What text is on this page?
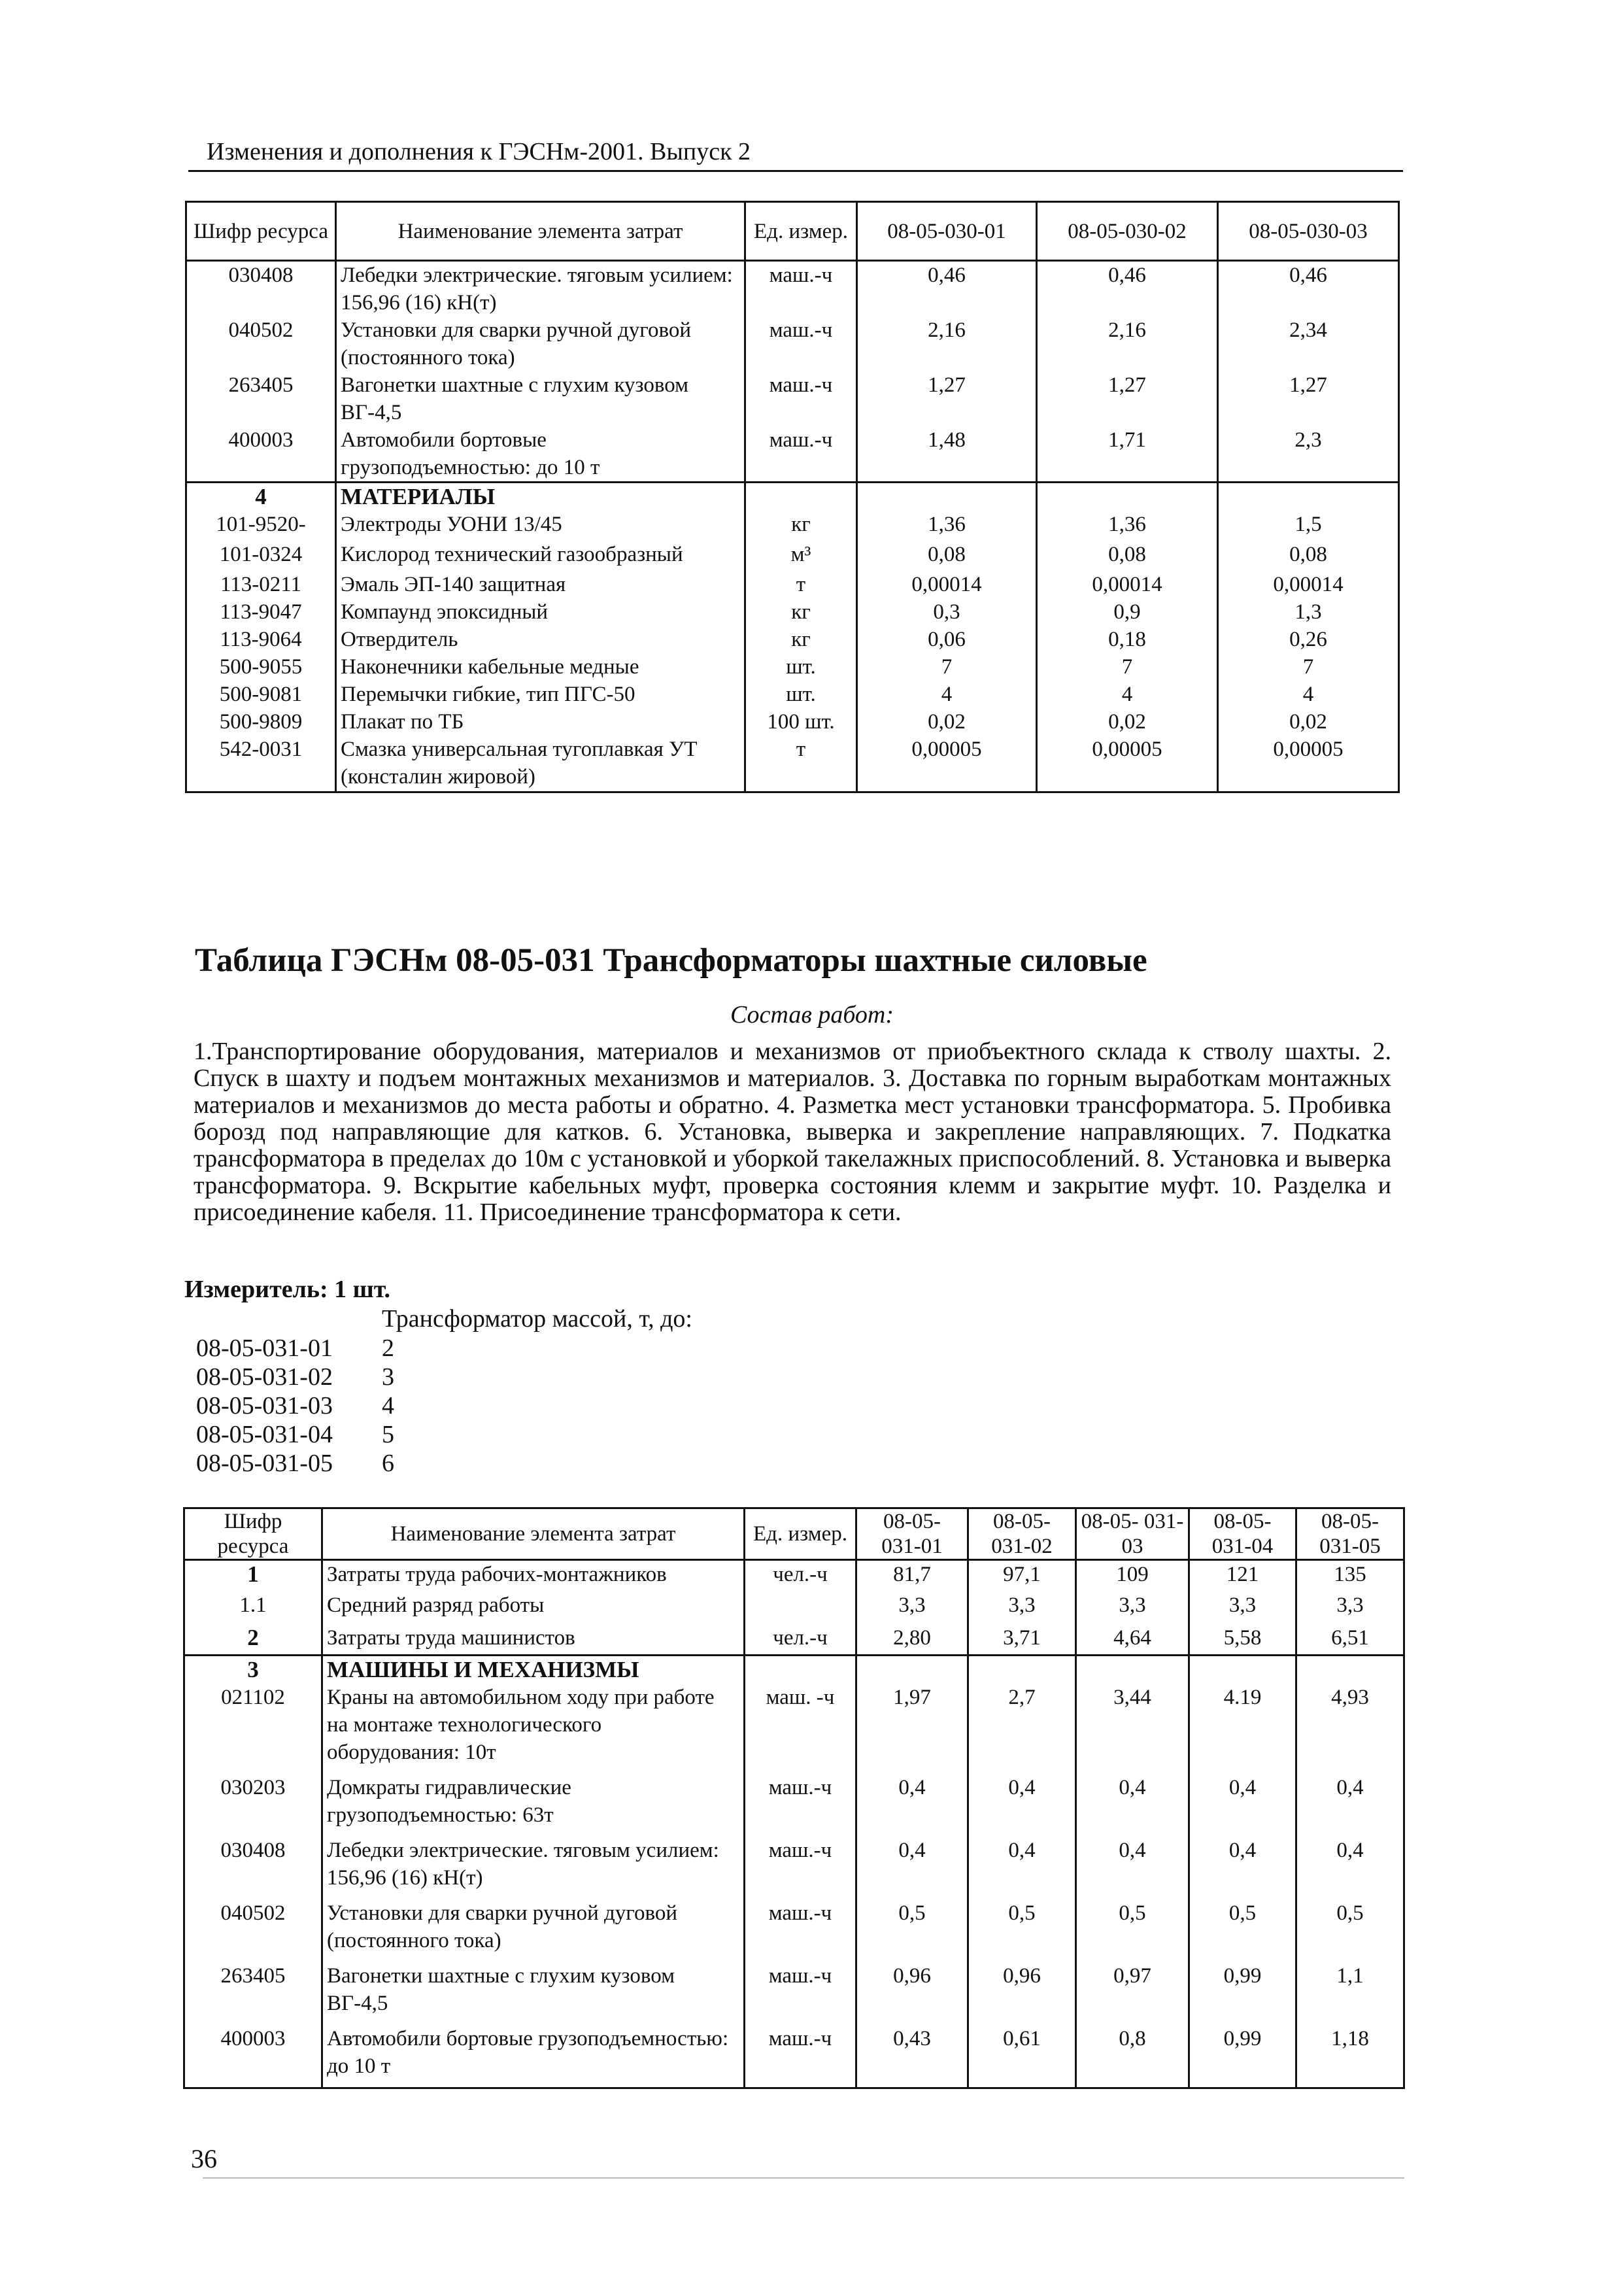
Изменения и дополнения к ГЭСНм-2001. Выпуск 2
Шифр ресурса	Наименование элемента затрат	Ед. измер.	08-05-030-01	08-05-030-02	08-05-030-03
030408	Лебедки электрические. тяговым усилием: 156,96 (16) кН(т)	маш.-ч	0,46	0,46	0,46
040502	Установки для сварки ручной дуговой (постоянного тока)	маш.-ч	2,16	2,16	2,34
263405	Вагонетки шахтные с глухим кузовом ВГ-4,5	маш.-ч	1,27	1,27	1,27
400003	Автомобили бортовые грузоподъемностью: до 10 т	маш.-ч	1,48	1,71	2,3
4	МАТЕРИАЛЫ				
101-9520-	Электроды УОНИ 13/45	кг	1,36	1,36	1,5
101-0324	Кислород технический газообразный	м³	0,08	0,08	0,08
113-0211	Эмаль ЭП-140 защитная	т	0,00014	0,00014	0,00014
113-9047	Компаунд эпоксидный	кг	0,3	0,9	1,3
113-9064	Отвердитель	кг	0,06	0,18	0,26
500-9055	Наконечники кабельные медные	шт.	7	7	7
500-9081	Перемычки гибкие, тип ПГС-50	шт.	4	4	4
500-9809	Плакат по ТБ	100 шт.	0,02	0,02	0,02
542-0031	Смазка универсальная тугоплавкая УТ (конcталин жировой)	т	0,00005	0,00005	0,00005
Таблица ГЭСНм 08-05-031 Трансформаторы шахтные силовые
Состав работ:
1.Транспортирование оборудования, материалов и механизмов от приобъектного склада к стволу шахты. 2. Спуск в шахту и подъем монтажных механизмов и материалов. 3. Доставка по горным выработкам монтажных материалов и механизмов до места работы и обратно. 4. Разметка мест установки трансформатора. 5. Пробивка борозд под направляющие для катков. 6. Установка, выверка и закрепление направляющих. 7. Подкатка трансформатора в пределах до 10м с установкой и уборкой такелажных приспособлений. 8. Установка и выверка трансформатора. 9. Вскрытие кабельных муфт, проверка состояния клемм и закрытие муфт. 10. Разделка и присоединение кабеля. 11. Присоединение трансформатора к сети.
Измеритель: 1 шт.
Трансформатор массой, т, до:
08-05-031-01 2
08-05-031-02 3
08-05-031-03 4
08-05-031-04 5
08-05-031-05 6
Шифр ресурса	Наименование элемента затрат	Ед. измер.	08-05- 031-01	08-05- 031-02	08-05- 031-03	08-05- 031-04	08-05- 031-05
1	Затраты труда рабочих-монтажников	чел.-ч	81,7	97,1	109	121	135
1.1	Средний разряд работы		3,3	3,3	3,3	3,3	3,3
2	Затраты труда машинистов	чел.-ч	2,80	3,71	4,64	5,58	6,51
3	МАШИНЫ И МЕХАНИЗМЫ						
021102	Краны на автомобильном ходу при работе на монтаже технологического оборудования: 10т	маш. -ч	1,97	2,7	3,44	4.19	4,93
030203	Домкраты гидравлические грузоподъемностью: 63т	маш.-ч	0,4	0,4	0,4	0,4	0,4
030408	Лебедки электрические. тяговым усилием: 156,96 (16) кН(т)	маш.-ч	0,4	0,4	0,4	0,4	0,4
040502	Установки для сварки ручной дуговой (постоянного тока)	маш.-ч	0,5	0,5	0,5	0,5	0,5
263405	Вагонетки шахтные с глухим кузовом ВГ-4,5	маш.-ч	0,96	0,96	0,97	0,99	1,1
400003	Автомобили бортовые грузоподъемностью: до 10 т	маш.-ч	0,43	0,61	0,8	0,99	1,18
36
